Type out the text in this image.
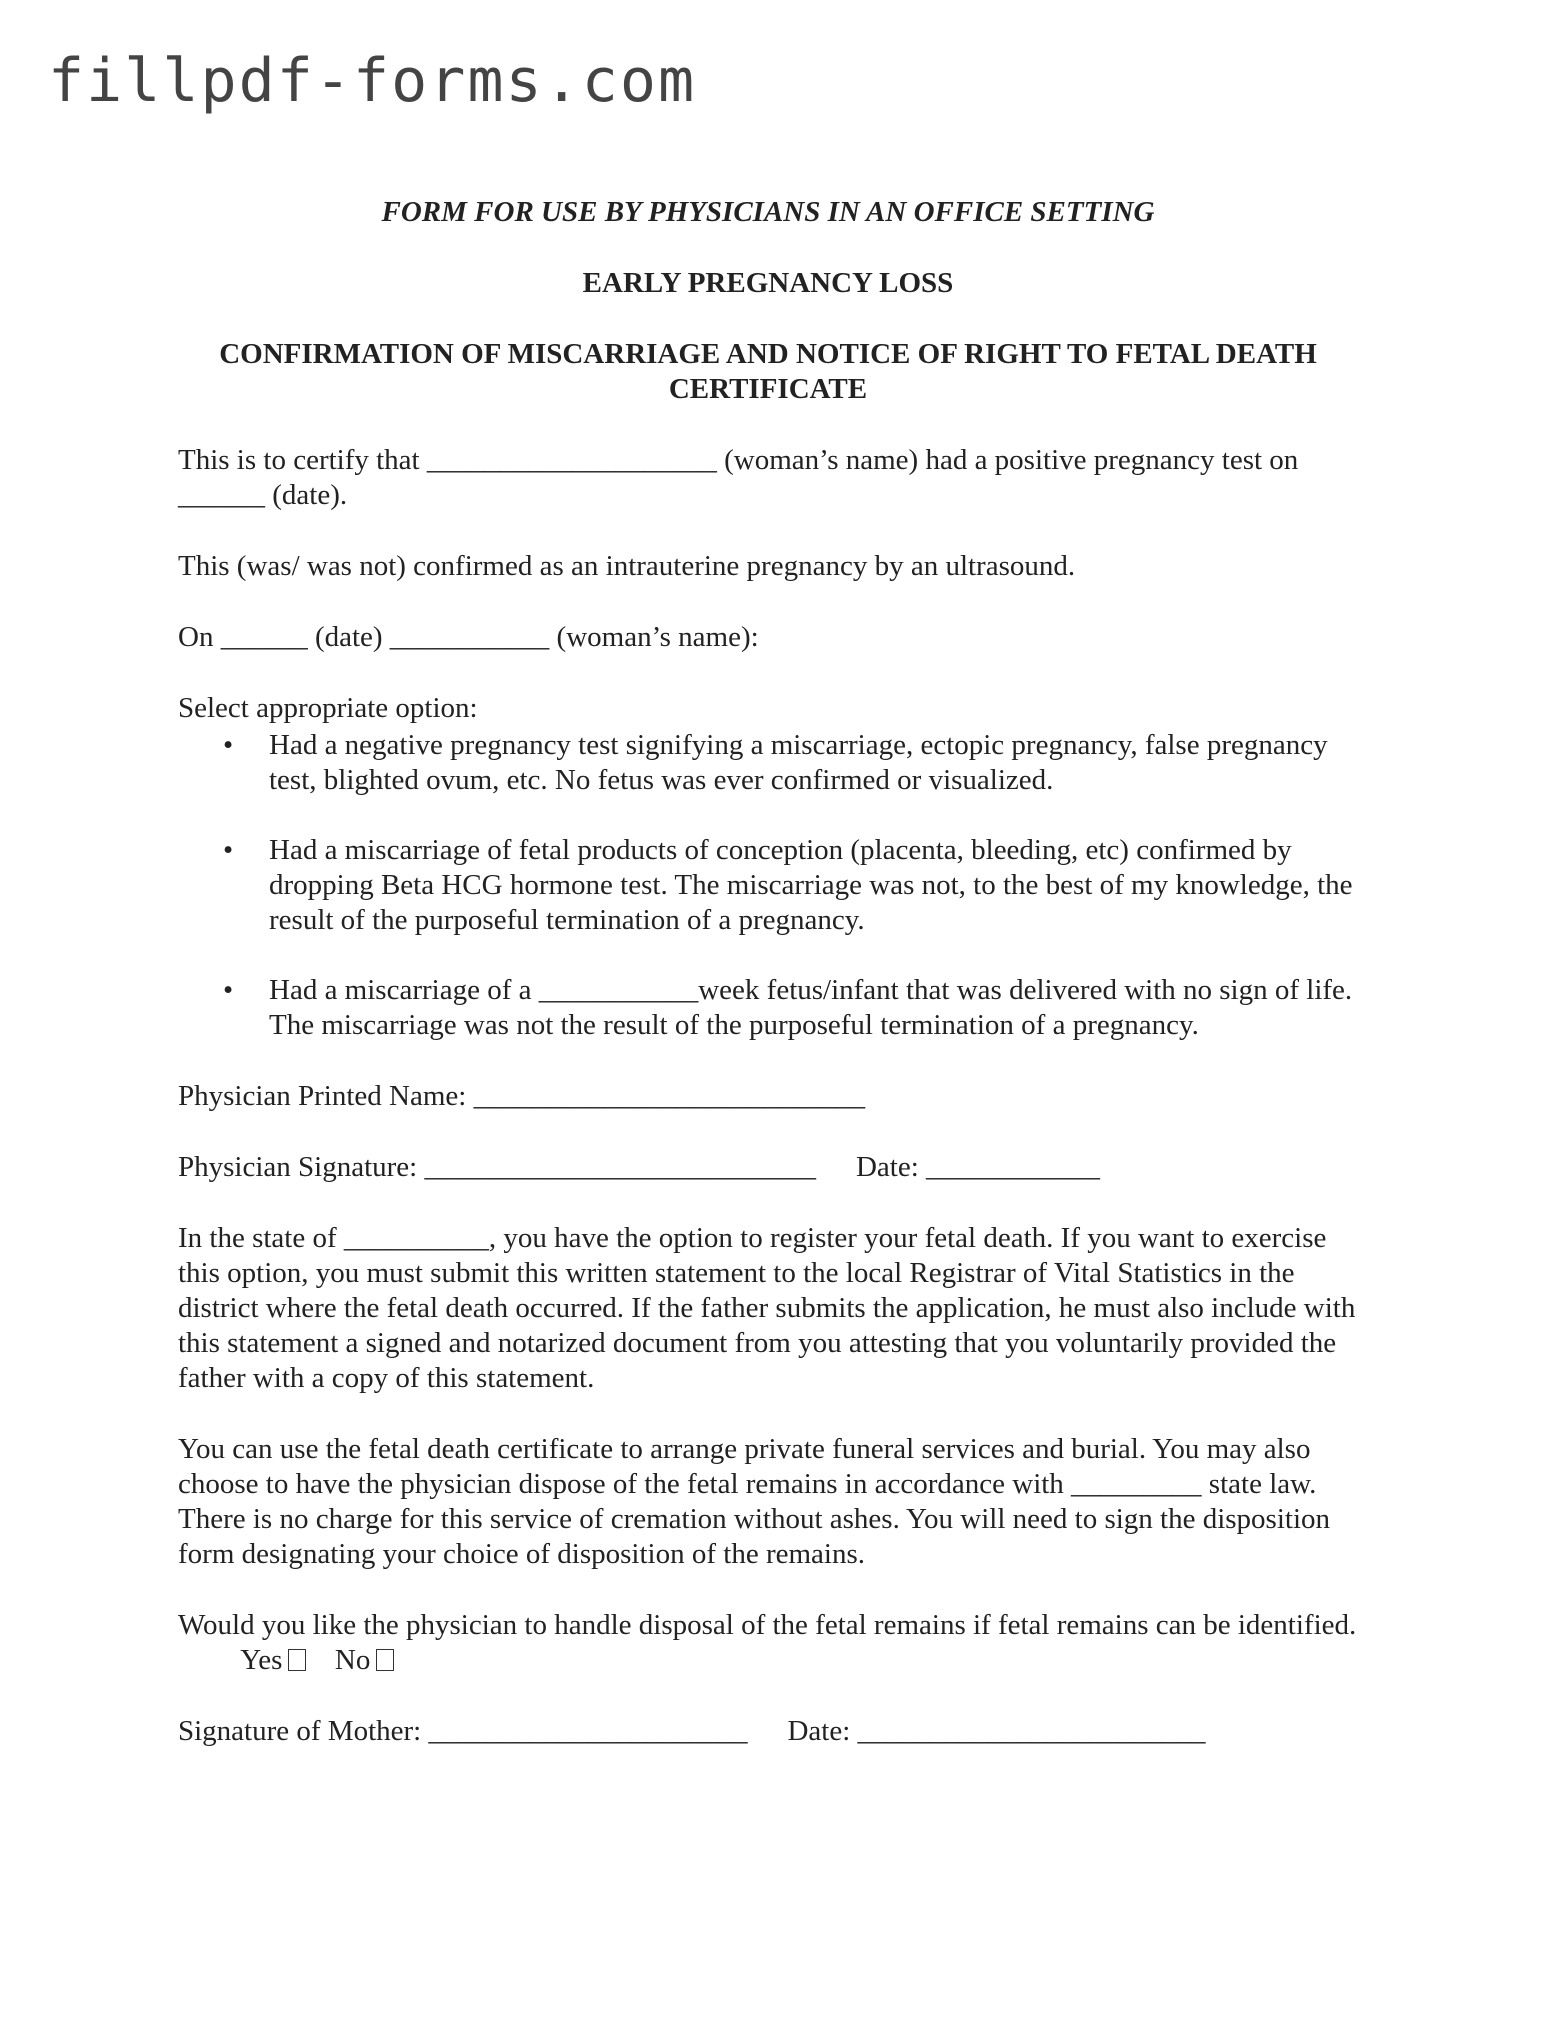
fillpdf-forms.com

FORM FOR USE BY PHYSICIANS IN AN OFFICE SETTING

EARLY PREGNANCY LOSS

CONFIRMATION OF MISCARRIAGE AND NOTICE OF RIGHT TO FETAL DEATH CERTIFICATE

This is to certify that ____________________ (woman’s name) had a positive pregnancy test on ______ (date).

This (was/ was not) confirmed as an intrauterine pregnancy by an ultrasound.

On ______ (date) ___________ (woman’s name):

Select appropriate option:

• Had a negative pregnancy test signifying a miscarriage, ectopic pregnancy, false pregnancy test, blighted ovum, etc. No fetus was ever confirmed or visualized.
• Had a miscarriage of fetal products of conception (placenta, bleeding, etc) confirmed by dropping Beta HCG hormone test. The miscarriage was not, to the best of my knowledge, the result of the purposeful termination of a pregnancy.
• Had a miscarriage of a ___________week fetus/infant that was delivered with no sign of life. The miscarriage was not the result of the purposeful termination of a pregnancy.

Physician Printed Name: ___________________________

Physician Signature: ___________________________ Date: ____________

In the state of __________, you have the option to register your fetal death. If you want to exercise this option, you must submit this written statement to the local Registrar of Vital Statistics in the district where the fetal death occurred. If the father submits the application, he must also include with this statement a signed and notarized document from you attesting that you voluntarily provided the father with a copy of this statement.

You can use the fetal death certificate to arrange private funeral services and burial. You may also choose to have the physician dispose of the fetal remains in accordance with _________ state law. There is no charge for this service of cremation without ashes. You will need to sign the disposition form designating your choice of disposition of the remains.

Would you like the physician to handle disposal of the fetal remains if fetal remains can be identified.  Yes No

Signature of Mother: ______________________ Date: ________________________
